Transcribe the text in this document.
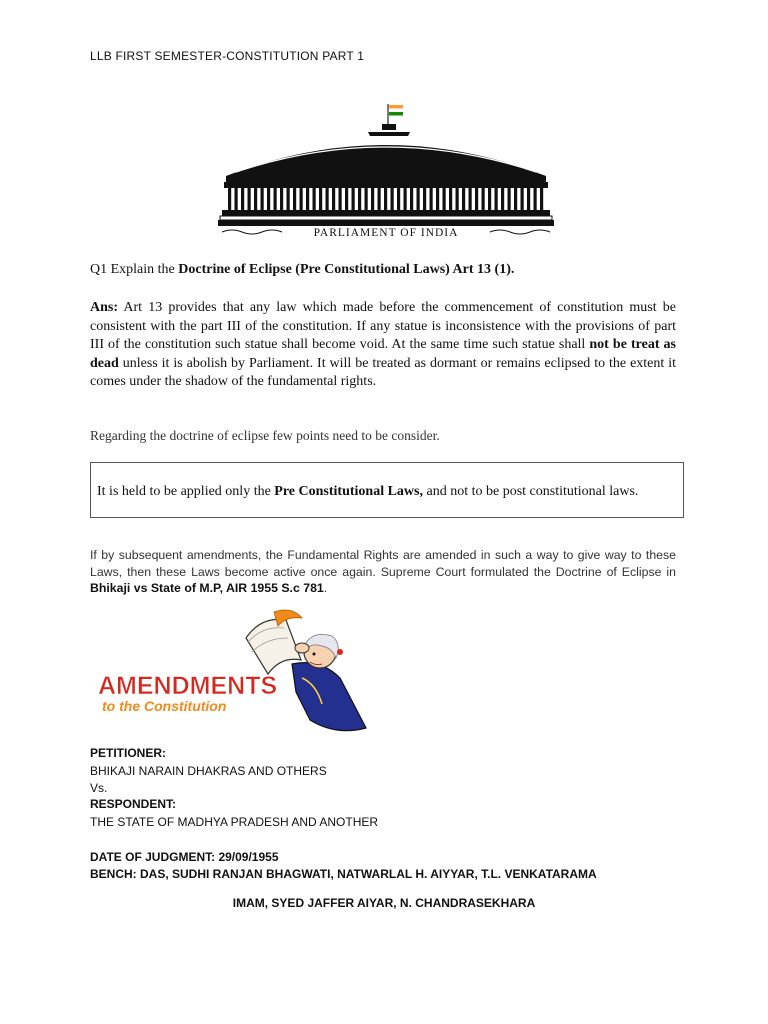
LLB FIRST SEMESTER-CONSTITUTION PART 1
PARLIAMENT OF INDIA
Q1 Explain the Doctrine of Eclipse (Pre Constitutional Laws) Art 13 (1).
Ans: Art 13 provides that any law which made before the commencement of constitution must be consistent with the part III of the constitution. If any statue is inconsistence with the provisions of part III of the constitution such statue shall become void. At the same time such statue shall not be treat as dead unless it is abolish by Parliament. It will be treated as dormant or remains eclipsed to the extent it comes under the shadow of the fundamental rights.
Regarding the doctrine of eclipse few points need to be consider.
It is held to be applied only the Pre Constitutional Laws, and not to be post constitutional laws.
If by subsequent amendments, the Fundamental Rights are amended in such a way to give way to these Laws, then these Laws become active once again. Supreme Court formulated the Doctrine of Eclipse in Bhikaji vs State of M.P, AIR 1955 S.c 781.
AMENDMENTS
to the Constitution
PETITIONER:
BHIKAJI NARAIN DHAKRAS AND OTHERS
Vs.
RESPONDENT:
THE STATE OF MADHYA PRADESH AND ANOTHER
DATE OF JUDGMENT: 29/09/1955
BENCH: DAS, SUDHI RANJAN BHAGWATI, NATWARLAL H. AIYYAR, T.L. VENKATARAMA
IMAM, SYED JAFFER AIYAR, N. CHANDRASEKHARA
